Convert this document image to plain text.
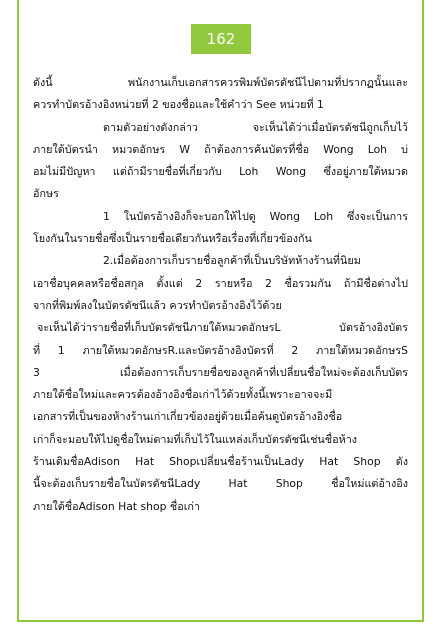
162
ดังนี้ พนักงานเก็บเอกสารควรพิมพ์บัตรดัชนีไปตามที่ปรากฏนั้นและ
ควรทำบัตรอ้างอิงหน่วยที่ 2 ของชื่อและใช้คำว่า See หน่วยที่ 1
ตามตัวอย่างดังกล่าว จะเห็นได้ว่าเมื่อบัตรดัชนีถูกเก็บไว้
ภายใต้บัตรนำ หมวดอักษร W ถ้าต้องการค้นบัตรที่ชื่อ Wong Loh บ่
อมไม่มีปัญหา แต่ถ้ามีรายชื่อที่เกี่ยวกับ Loh Wong ซึ่งอยู่ภายใต้หมวด
อักษร
1 ในบัตรอ้างอิงก็จะบอกให้ไปดู Wong Loh ซึ่งจะเป็นการ
โยงกันในรายชื่อซึ่งเป็นรายชื่อเดียวกันหรือเรื่องที่เกี่ยวข้องกัน
2.เมื่อต้องการเก็บรายชื่อลูกค้าที่เป็นบริษัทห้างร้านที่นิยม
เอาชื่อบุคคลหรือชื่อสกุล ตั้งแต่ 2 รายหรือ 2 ชื่อรวมกัน ถ้ามีชื่อต่างไป
จากที่พิมพ์ลงในบัตรดัชนีแล้ว ควรทำบัตรอ้างอิงไว้ด้วย
จะเห็นได้ว่ารายชื่อที่เก็บบัตรดัชนีภายใต้หมวดอักษรL บัตรอ้างอิงบัตร
ที่ 1 ภายใต้หมวดอักษรR.และบัตรอ้างอิงบัตรที่ 2 ภายใต้หมวดอักษรS
3 เมื่อต้องการเก็บรายชื่อของลูกค้าที่เปลี่ยนชื่อใหม่จะต้องเก็บบัตร
ภายใต้ชื่อใหม่และควรต้องอ้างอิงชื่อเก่าไว้ด้วยทั้งนี้เพราะอาจจะมี
เอกสารที่เป็นของห้างร้านเก่าเกี่ยวข้องอยู่ด้วยเมื่อค้นดูบัตรอ้างอิงชื่อ
เก่าก็จะมอบให้ไปดูชื่อใหม่ตามที่เก็บไว้ในแหล่งเก็บบัตรดัชนีเช่นชื่อห้าง
ร้านเดิมชื่อAdison Hat Shopเปลี่ยนชื่อร้านเป็นLady Hat Shop ดัง
นี้จะต้องเก็บรายชื่อในบัตรดัชนีLady Hat Shop ชื่อใหม่แต่อ้างอิง
ภายใต้ชื่อAdison Hat shop ชื่อเก่า
